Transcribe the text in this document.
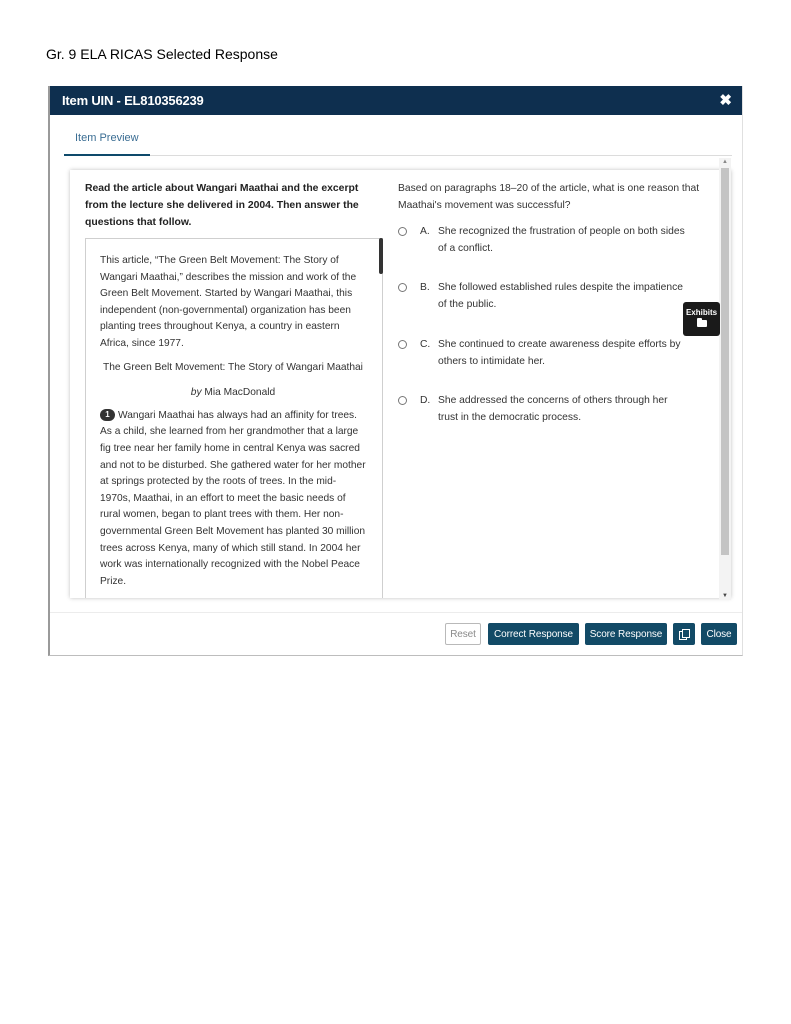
Gr. 9 ELA RICAS Selected Response
Item UIN - EL810356239	✖
Item Preview
Read the article about Wangari Maathai and the excerpt from the lecture she delivered in 2004. Then answer the questions that follow.

This article, “The Green Belt Movement: The Story of Wangari Maathai,” describes the mission and work of the Green Belt Movement. Started by Wangari Maathai, this independent (non-governmental) organization has been planting trees throughout Kenya, a country in eastern Africa, since 1977.

The Green Belt Movement: The Story of Wangari Maathai

by Mia MacDonald

1 Wangari Maathai has always had an affinity for trees. As a child, she learned from her grandmother that a large fig tree near her family home in central Kenya was sacred and not to be disturbed. She gathered water for her mother at springs protected by the roots of trees. In the mid-1970s, Maathai, in an effort to meet the basic needs of rural women, began to plant trees with them. Her non-governmental Green Belt Movement has planted 30 million trees across Kenya, many of which still stand. In 2004 her work was internationally recognized with the Nobel Peace Prize.

Based on paragraphs 18–20 of the article, what is one reason that Maathai's movement was successful?
A. She recognized the frustration of people on both sides of a conflict.
B. She followed established rules despite the impatience of the public.
C. She continued to create awareness despite efforts by others to intimidate her.
D. She addressed the concerns of others through her trust in the democratic process.
▲
▼
Exhibits
Reset	Correct Response	Score Response	Close
